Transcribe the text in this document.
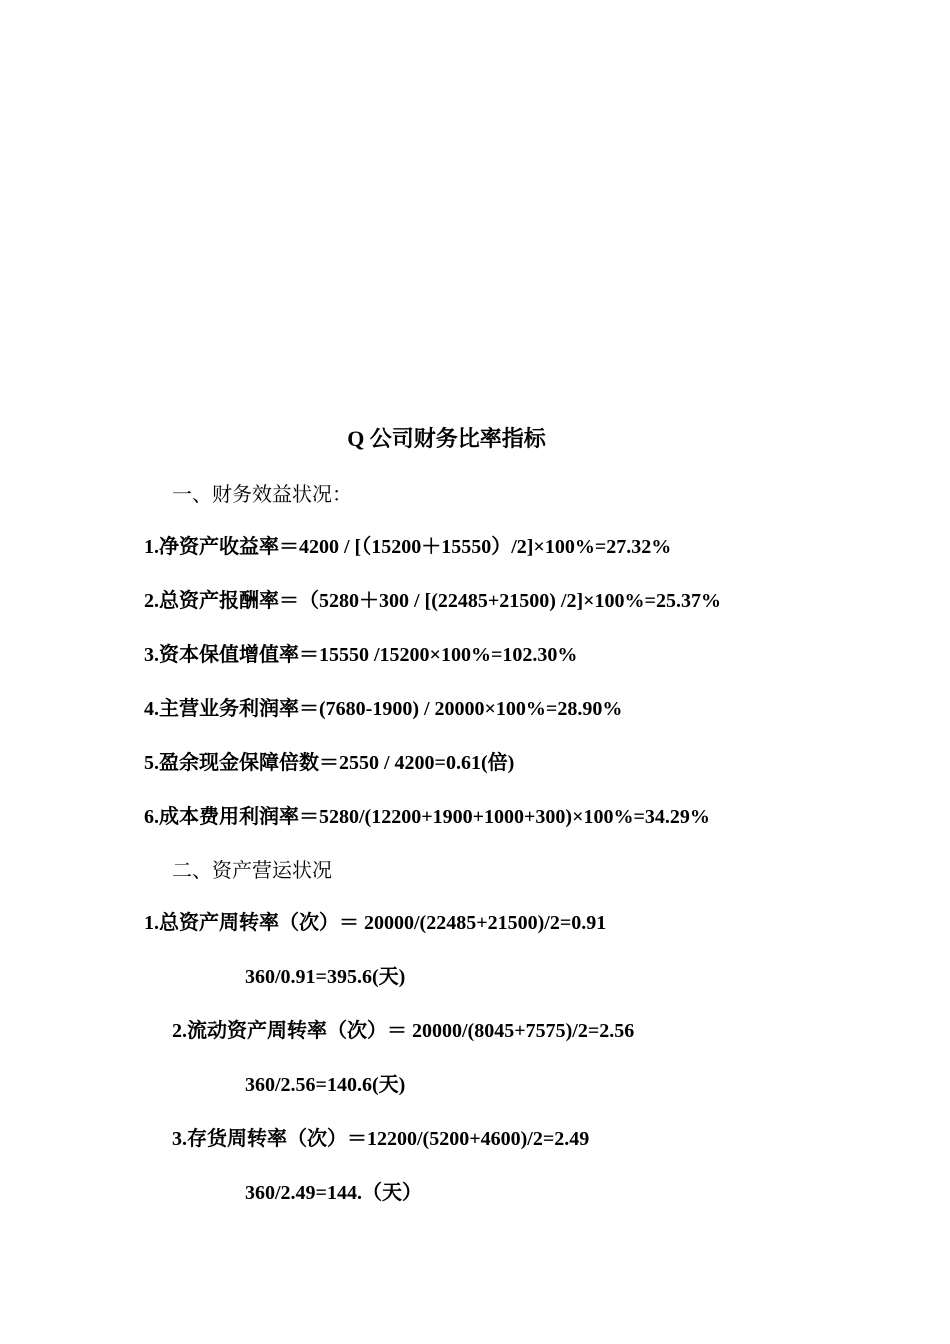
Q 公司财务比率指标
一、财务效益状况：
1.净资产收益率＝4200 / [（15200＋15550）/2]×100%=27.32%
2.总资产报酬率＝（5280＋300 / [(22485+21500) /2]×100%=25.37%
3.资本保值增值率＝15550 /15200×100%=102.30%
4.主营业务利润率＝(7680-1900) / 20000×100%=28.90%
5.盈余现金保障倍数＝2550 / 4200=0.61(倍)
6.成本费用利润率＝5280/(12200+1900+1000+300)×100%=34.29%
二、资产营运状况
1.总资产周转率（次）＝ 20000/(22485+21500)/2=0.91
360/0.91=395.6(天)
2.流动资产周转率（次）＝ 20000/(8045+7575)/2=2.56
360/2.56=140.6(天)
3.存货周转率（次）＝12200/(5200+4600)/2=2.49
360/2.49=144.（天）
